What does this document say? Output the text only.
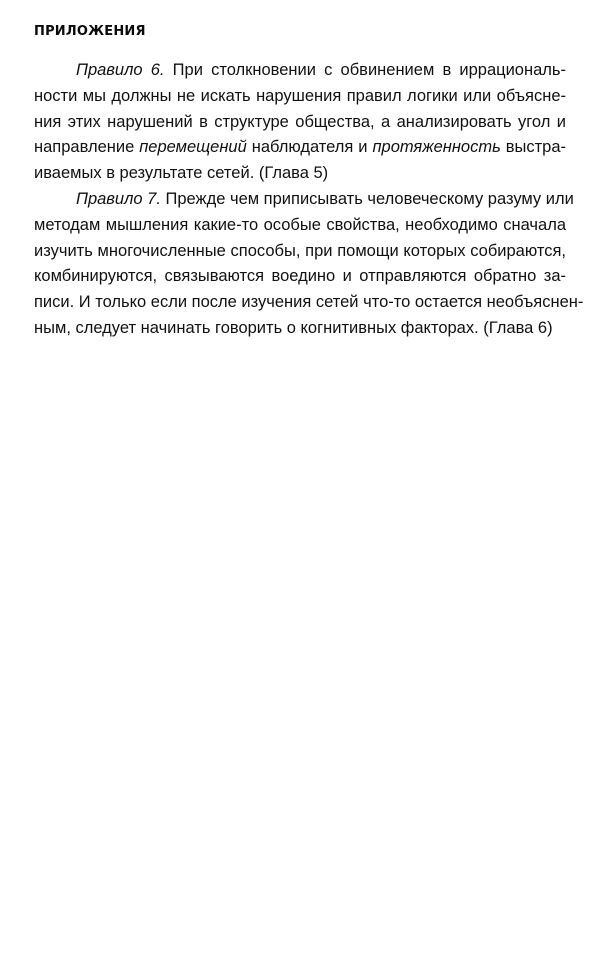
ПРИЛОЖЕНИЯ

Правило 6. При столкновении с обвинением в иррациональ-
ности мы должны не искать нарушения правил логики или объясне-
ния этих нарушений в структуре общества, а анализировать угол и
направление перемещений наблюдателя и протяженность выстра-
иваемых в результате сетей. (Глава 5)

Правило 7. Прежде чем приписывать человеческому разуму или
методам мышления какие-то особые свойства, необходимо сначала
изучить многочисленные способы, при помощи которых собираются,
комбинируются, связываются воедино и отправляются обратно за-
писи. И только если после изучения сетей что-то остается необъяснен-
ным, следует начинать говорить о когнитивных факторах. (Глава 6)
